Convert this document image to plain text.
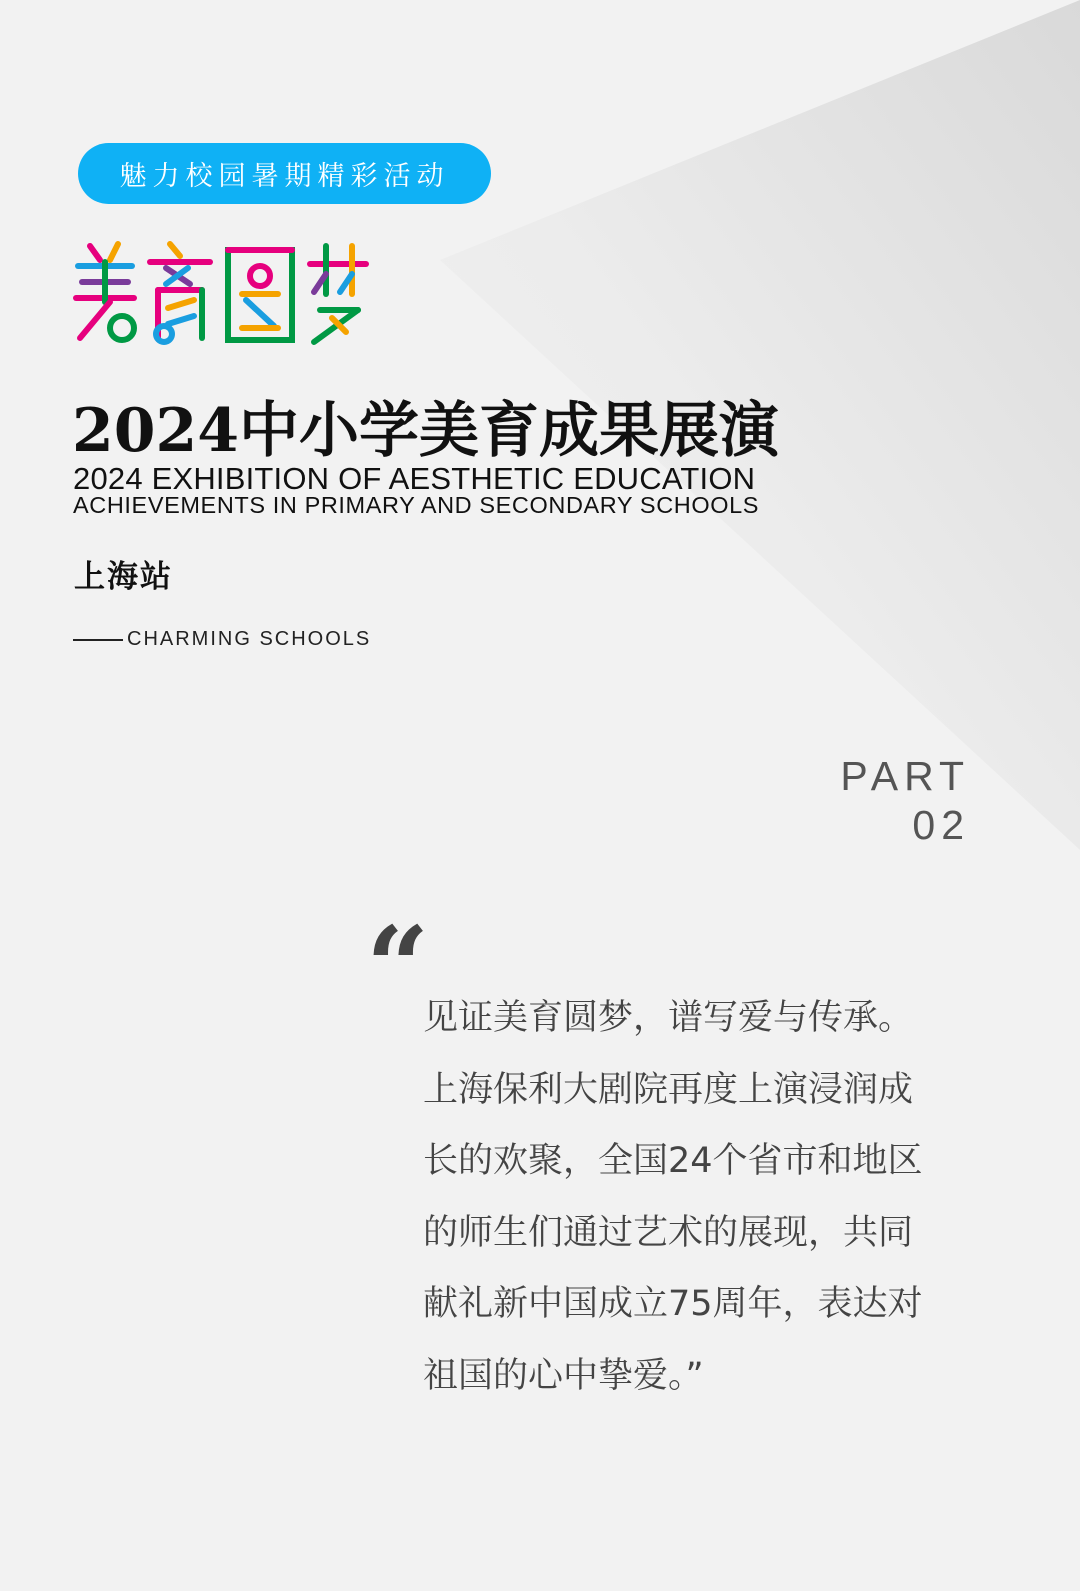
魅力校园暑期精彩活动
2024中小学美育成果展演
2024 EXHIBITION OF AESTHETIC EDUCATION
ACHIEVEMENTS IN PRIMARY AND SECONDARY SCHOOLS
上海站
CHARMING SCHOOLS
PART
02
“
见证美育圆梦，谱写爱与传承。
上海保利大剧院再度上演浸润成
长的欢聚，全国24个省市和地区
的师生们通过艺术的展现，共同
献礼新中国成立75周年，表达对
祖国的心中挚爱。”
